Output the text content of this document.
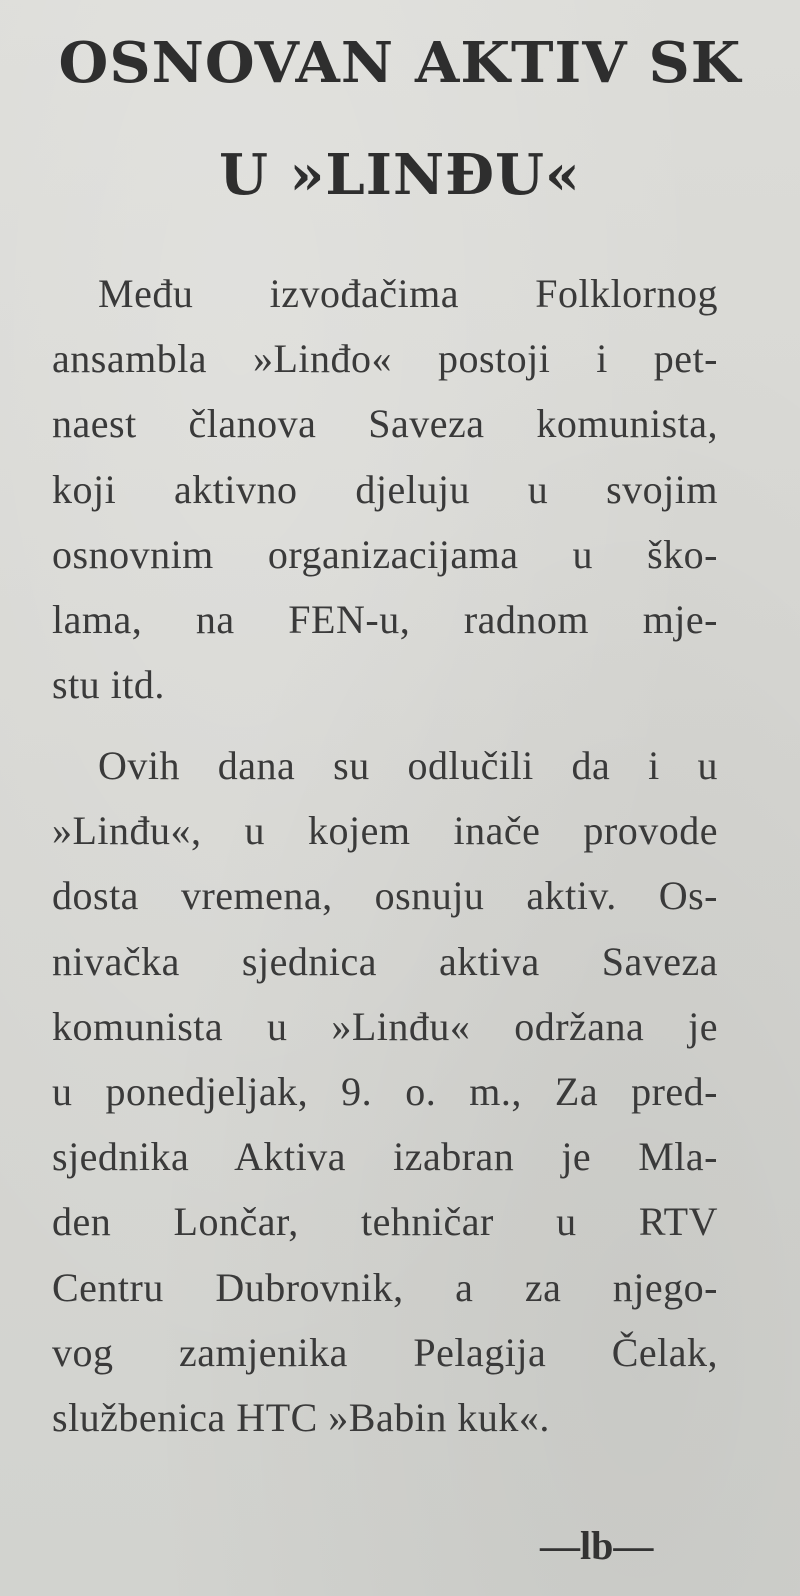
OSNOVAN AKTIV SK
U »LINĐU«
Među izvođačima Folklornog
ansambla »Linđo« postoji i pet-
naest članova Saveza komunista,
koji aktivno djeluju u svojim
osnovnim organizacijama u ško-
lama, na FEN-u, radnom mje-
stu itd.
Ovih dana su odlučili da i u
»Linđu«, u kojem inače provode
dosta vremena, osnuju aktiv. Os-
nivačka sjednica aktiva Saveza
komunista u »Linđu« održana je
u ponedjeljak, 9. o. m., Za pred-
sjednika Aktiva izabran je Mla-
den Lončar, tehničar u RTV
Centru Dubrovnik, a za njego-
vog zamjenika Pelagija Čelak,
službenica HTC »Babin kuk«.
—lb—
